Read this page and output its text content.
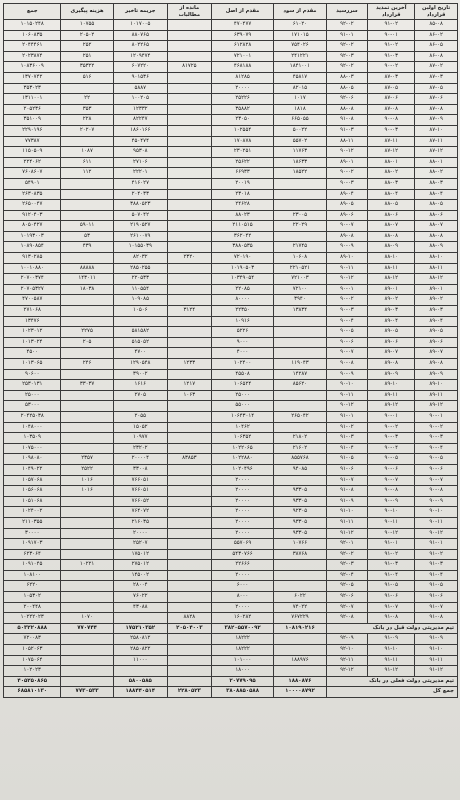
تاریخ اولین قرارداد	آخرین تمدید قرارداد	سررسید	مقدم از سود	مقدم از اصل	مانده از مطالبات	جریمه تاخیر	هزینه پیگیری	جمع
۸۵-۰۸	۹۱-۰۲	۹۲-۰۲	۶۱۰۲۰	۴۷۰۴۷۷		۱۰۱۷۰۰۵	۱۰۷۵۵	۱۰۱۵۰۲۴۸
۸۶-۰۲	۹۰-۰۱	۹۱-۰۱	۱۷۱۰۱۵	۶۳۹۰۷۹		۸۸۰۷۶۵	۲۰۵۰۲	۱۰۶۰۸۳۵
۸۶-۰۵	۹۱-۰۲	۹۲-۰۲	۷۵۴۰۲۶	۶۱۲۸۲۸		۸۰۲۲۶۵	۲۵۲	۲۰۴۴۴۶۱
۸۶-۰۸	۹۱-۰۳	۹۲-۰۳	۲۴۱۲۲۱	۷۲۱۰۰۱		۱۲۰۹۴۷۴	۲۵۱	۲۰۲۳۸۷۴
۸۷-۰۲	۹۰-۰۲	۹۲-۰۲	۱۸۴۱۰۰۱	۴۶۸۱۸۸	۸۱۷۲۵	۶۰۷۲۲۰	۳۵۳۲۲	۱۰۸۳۶۰۰۹
۸۷-۰۳	۸۷-۰۳	۸۸-۰۳	۴۵۸۱۷	۸۱۲۸۵		۹۰۱۵۳۶	۵۱۶	۱۳۷۰۷۴۲
۸۷-۰۵	۸۷-۰۵	۸۸-۰۵	۸۲۰۱۵	۲۰۰۰۰		۵۸۸۷		۳۵۳۰۲۳
۸۷-۰۶	۸۷-۰۶	۹۲-۰۶	۱۰۱۷	۲۵۲۲۶		۱۰۰۲۰۵	۲۲	۱۳۱۱۰۰۱
۸۷-۰۸	۸۷-۰۸	۸۸-۰۸	۱۸۱۸	۳۵۸۸۲		۱۲۳۳۲	۳۵۳	۲۰۵۲۳۶
۸۷-۰۹	۹۰-۰۸	۹۱-۰۸	۶۶۵۰۵۵	۲۳۰۵۰		۸۲۲۴۷	۲۲۸	۳۵۱۰۰۹
۸۷-۱۰	۹۰-۰۳	۹۱-۰۳	۵۰۰۲۲	۱۰۲۵۵۴		۱۸۶۰۱۶۶	۲۰۲۰۷	۲۲۹۰۱۹۶
۸۷-۱۱	۸۷-۱۱	۸۸-۱۱	۵۵۷۰۲	۱۷۰۸۷۸		۴۵۰۴۷۴		۷۷۳۸۷
۸۷-۱۲	۸۷-۱۲	۹۰-۱۲	۱۱۷۶۳	۲۳۰۲۵۱		۹۵۳۰۸	۱۰۸۷	۱۱۵۰۵۰۹
۸۸-۰۱	۸۸-۰۱	۸۹-۰۱	۱۸۶۳۳	۲۵۶۲۲		۲۷۱۰۶	۶۱۱	۲۲۴۰۶۲
۸۸-۰۲	۸۸-۰۲	۹۰-۰۲	۱۸۵۲۲	۶۶۹۳۳		۲۲۲۰۱	۱۱۲	۷۶۰۸۶۰۷
۸۸-۰۳	۸۸-۰۳	۹۰-۰۳		۲۰۰۱۹		۴۱۶۰۲۷		۵۴۹۰۱
۸۸-۰۴	۸۸-۰۴	۸۹-۰۴		۲۳۰۱۸		۲۰۴۰۳۳		۲۶۳۰۸۳۵
۸۸-۰۵	۸۸-۰۵	۸۹-۰۵		۲۴۶۲۸		۳۸۸۰۵۲۳		۲۶۵۰۰۴۷
۸۸-۰۶	۸۸-۰۶	۸۹-۰۶	۲۳۰۰۵	۸۸۰۲۳		۵۰۷۰۴۲		۹۱۲۰۴۰۳
۸۸-۰۷	۸۸-۰۷	۹۰-۰۷	۲۲۰۲۹	۲۱۱۰۵۱۵		۲۱۹۰۵۲۷	۵۹۰۱۱	۸۰۵۰۴۲۷
۸۸-۰۸	۸۸-۰۸	۸۹-۰۸		۳۶۲۰۴۲		۲۶۱۰۰۷۹	۵۳	۱۰۱۹۳۰۰۳
۸۸-۰۹	۸۸-۰۹	۹۰-۰۹	۲۱۷۴۵	۳۸۸۰۵۳۵		۱۰۱۵۵۰۳۹	۴۳۹	۱۰۸۹۰۸۵۴
۸۸-۱۰	۸۸-۱۰	۸۹-۱۰	۱۰۶۰۸	۷۲۰۱۹۰	۲۳۲۰	۸۲۰۳۲		۹۱۳۰۲۸۵
۸۸-۱۱	۸۸-۱۱	۹۰-۱۱	۲۲۱۰۵۲۱	۱۰۱۹۰۵۰۳		۲۸۵۰۲۵۵	۸۸۸۸۸	۱۰۰۱۰۸۸۰
۸۸-۱۲	۸۸-۱۲	۹۰-۱۲	۷۲۱۰۰۳	۱۰۳۴۹۰۵۴		۲۲۰۵۳۳	۱۴۳۰۱۱	۲۰۷۰۰۳۷۴
۸۹-۰۱	۸۹-۰۱	۹۰-۰۱	۷۲۱۰۰	۲۲۰۸۵		۱۱۰۵۵۴	۱۸۰۳۸	۲۰۷۰۵۳۲۷
۸۹-۰۲	۸۹-۰۲	۹۰-۰۲	۳۹۴۰	۸۰۰۰۰		۱۰۹۰۸۵		۴۷۰۰۵۸۷
۸۹-۰۳	۸۹-۰۳	۹۰-۰۳	۱۳۸۳۴	۲۲۳۵۰	۳۱۲۴	۱۰۵۰۶		۲۷۱۰۶۸
۸۹-۰۴	۸۹-۰۴	۹۰-۰۴		۱۰۹۱۶				۱۳۴۷۶
۸۹-۰۵	۸۹-۰۵	۹۰-۰۵		۵۲۲۶		۵۸۱۵۸۲	۲۲۷۵	۱۰۲۳۰۱۲
۸۹-۰۶	۸۹-۰۶	۹۰-۰۶		۹۰۰۰		۵۱۵۰۵۲	۲۰۵	۱۰۱۳۰۲۴
۸۹-۰۷	۸۹-۰۷	۹۰-۰۷		۴۰۰۰		۴۷۰۰		۴۵۰۰
۸۹-۰۸	۸۹-۰۸	۹۰-۰۸	۱۱۹۰۴۳	۱۰۲۴۰۰	۱۲۳۳	۱۲۹۰۵۴۸	۲۴۶	۱۰۱۳۰۶۵
۸۹-۰۹	۸۹-۰۹	۹۰-۰۹	۱۴۲۸۷	۴۵۵۰۸		۳۹۰۰۲		۹۰۶۰۰
۸۹-۱۰	۸۹-۱۰	۹۰-۱۰	۸۵۶۲۰	۱۰۶۵۲۴	۱۲۱۷	۱۶۱۶	۳۳۰۳۷	۲۵۳۰۱۳۱
۸۹-۱۱	۸۹-۱۱	۹۰-۱۱		۲۵۰۰۰	۱۰۶۳	۲۷۰۵		۲۵۰۰۰
۸۹-۱۲	۸۹-۱۲	۹۰-۱۲		۵۵۰۰۰				۵۳۰۰۰
۹۰-۰۱	۹۰-۰۱	۹۱-۰۱	۲۶۵۰۴۲	۱۰۶۴۳۰۱۴		۲۰۵۵		۲۰۴۲۵۰۳۸
۹۰-۰۲	۹۰-۰۲	۹۱-۰۲		۱۰۴۶۲		۱۵۰۵۲		۱۰۴۸۰۰۰
۹۰-۰۳	۹۰-۰۳	۹۱-۰۳	۲۱۸۰۲	۱۰۶۳۵۲		۱۰۹۷۷		۱۰۳۵۰۹
۹۰-۰۴	۹۰-۰۴	۹۱-۰۴	۲۱۶۰۲	۱۰۲۲۰۶۵		۲۳۲۰۲		۱۰۷۵۰۰۰
۹۰-۰۵	۹۰-۰۵	۹۱-۰۵	۸۵۵۷۶۸	۱۰۲۲۸۸۰	۸۳۸۵۳	۲۰۰۰۰۴	۲۳۵۷	۱۰۹۸۰۸۰
۹۰-۰۶	۹۰-۰۶	۹۱-۰۶	۹۴۰۸۵	۱۰۲۰۴۹۶		۳۳۰۰۸	۲۵۲۲	۱۰۴۹۰۲۲
۹۰-۰۷	۹۰-۰۷	۹۱-۰۷		۲۰۰۰۰		۷۶۶۰۵۱	۱۰۱۶	۱۰۵۷۰۶۸
۹۰-۰۸	۹۰-۰۸	۹۱-۰۸	۹۳۳۰۵	۲۰۰۰۰		۷۶۶۰۵۱	۱۰۱۶	۱۰۵۶۰۶۸
۹۰-۰۹	۹۰-۰۹	۹۱-۰۹	۹۳۳۰۵	۲۰۰۰۰		۷۶۶۰۵۲		۱۰۵۱۰۶۸
۹۰-۱۰	۹۰-۱۰	۹۱-۱۰	۹۲۳۰۵	۲۰۰۰۰		۷۶۴۰۷۲		۱۰۲۴۰۰۲
۹۰-۱۱	۹۰-۱۱	۹۱-۱۱	۹۳۳۰۵	۲۰۰۰۰		۲۱۶۰۳۵		۲۱۱۰۳۵۵
۹۰-۱۲	۹۰-۱۲	۹۱-۱۲	۹۳۳۰۵	۲۰۰۰۰		۲۰۰۰۰		۳۰۰۰۰
۹۱-۰۱	۹۱-۰۱	۹۲-۰۱	۱۰۷۶۶	۵۵۷۰۶۹		۲۵۲۰۷		۱۰۹۱۷۰۳
۹۱-۰۲	۹۱-۰۲	۹۲-۰۲	۳۸۷۶۸	۵۴۳۰۷۶۶		۱۷۵۰۱۲		۶۲۳۰۶۴
۹۱-۰۳	۹۱-۰۳	۹۲-۰۳		۲۲۶۶۶		۲۷۵۰۱۲	۱۰۲۲۱	۱۰۹۱۰۴۵
۹۱-۰۴	۹۱-۰۴	۹۲-۰۴		۲۰۰۰۰		۱۴۵۰۰۲		۱۰۸۱۰۰
۹۱-۰۵	۹۱-۰۵	۹۲-۰۵		۶۰۰۰		۲۸۰۰۴		۶۲۲۰
۹۱-۰۶	۹۱-۰۶	۹۲-۰۶	۶۰۲۲	۸۰۰۰		۷۶۰۲۲		۱۰۵۳۰۲
۹۱-۰۷	۹۱-۰۷	۹۲-۰۷	۷۴۰۲۲	۲۰۰۰۰		۴۳۰۸۸		۲۰۰۴۴۸
۹۱-۰۸	۹۱-۰۸	۹۲-۰۸	۷۶۷۲۲۹	۱۶۰۲۸۲	۸۸۲۸		۱۰۷۰	۱۰۲۲۲۰۲۳
تیم مدیریتی دولت قبل در بانک			۱۰۸۱۹۰۲۱۶	۳۸۲۰۵۵۷۰۰۹۲	۲۰۵۰۴۰۰۳	۱۷۵۲۱۰۳۵۲	۷۷۰۷۴۴	۵۰۳۲۲۰۸۸۸
۹۱-۰۹	۹۱-۰۹	۹۲-۰۹		۱۸۲۲۲		۲۵۸۰۸۱۲		۷۲۰۰۸۳
۹۱-۱۰	۹۱-۱۰	۹۲-۱۰		۱۸۲۲۲		۲۸۵۰۸۲۲		۱۰۵۲۰۶۳
۹۱-۱۱	۹۱-۱۱	۹۲-۱۱	۱۸۸۹۷۶	۱۰۱۰۰۰		۱۱۰۰۰		۱۰۷۵۰۶۴
۹۱-۱۲	۹۱-۱۲	۹۲-۱۲		۱۸۰۰۰				۱۰۲۰۲۳
تیم مدیریتی دولت فعلی در بانک			۱۸۸۰۸۷۶	۲۰۷۷۹۰۹۵		۵۸۰۰۵۸۵		۴۰۵۲۵۰۸۶۵
جمع کل			۱۰۰۰۰۸۷۹۲	۳۸۰۸۸۵۰۵۸۸	۲۲۸۰۵۲۳	۱۸۸۴۴۰۵۱۴	۷۷۳۰۵۳۳	۶۸۵۸۱۰۱۳۰
